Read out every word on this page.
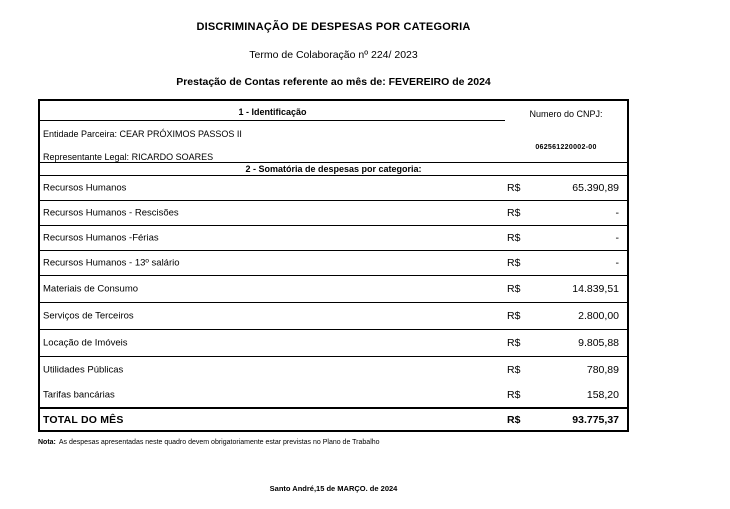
DISCRIMINAÇÃO DE DESPESAS POR CATEGORIA
Termo de Colaboração nº 224/ 2023
Prestação de Contas referente ao mês de: FEVEREIRO de 2024
1 - Identificação	Numero do CNPJ:
062561220002-00
Entidade Parceira: CEAR PRÓXIMOS PASSOS II
Representante Legal: RICARDO SOARES
2 - Somatória de despesas por categoria:
Recursos Humanos	R$	65.390,89
Recursos Humanos - Rescisões	R$	-
Recursos Humanos -Férias	R$	-
Recursos Humanos - 13º salário	R$	-
Materiais de Consumo	R$	14.839,51
Serviços de Terceiros	R$	2.800,00
Locação de Imóveis	R$	9.805,88
Utilidades Públicas	R$	780,89
Tarifas bancárias	R$	158,20
TOTAL DO MÊS	R$	93.775,37
Nota: As despesas apresentadas neste quadro devem obrigatoriamente estar previstas no Plano de Trabalho
Santo André,15 de MARÇO. de 2024
